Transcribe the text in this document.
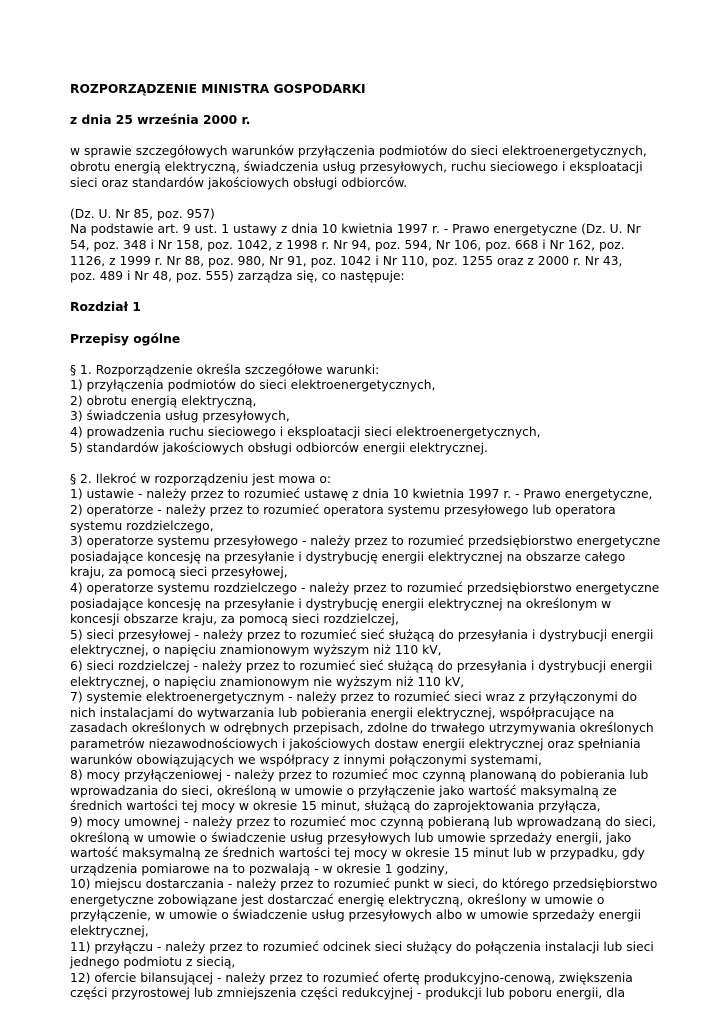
ROZPORZĄDZENIE MINISTRA GOSPODARKI
z dnia 25 września 2000 r.
w sprawie szczegółowych warunków przyłączenia podmiotów do sieci elektroenergetycznych,
obrotu energią elektryczną, świadczenia usług przesyłowych, ruchu sieciowego i eksploatacji
sieci oraz standardów jakościowych obsługi odbiorców.
(Dz. U. Nr 85, poz. 957)
Na podstawie art. 9 ust. 1 ustawy z dnia 10 kwietnia 1997 r. - Prawo energetyczne (Dz. U. Nr
54, poz. 348 i Nr 158, poz. 1042, z 1998 r. Nr 94, poz. 594, Nr 106, poz. 668 i Nr 162, poz.
1126, z 1999 r. Nr 88, poz. 980, Nr 91, poz. 1042 i Nr 110, poz. 1255 oraz z 2000 r. Nr 43,
poz. 489 i Nr 48, poz. 555) zarządza się, co następuje:
Rozdział 1
Przepisy ogólne
§ 1. Rozporządzenie określa szczegółowe warunki:
1) przyłączenia podmiotów do sieci elektroenergetycznych,
2) obrotu energią elektryczną,
3) świadczenia usług przesyłowych,
4) prowadzenia ruchu sieciowego i eksploatacji sieci elektroenergetycznych,
5) standardów jakościowych obsługi odbiorców energii elektrycznej.
§ 2. Ilekroć w rozporządzeniu jest mowa o:
1) ustawie - należy przez to rozumieć ustawę z dnia 10 kwietnia 1997 r. - Prawo energetyczne,
2) operatorze - należy przez to rozumieć operatora systemu przesyłowego lub operatora
systemu rozdzielczego,
3) operatorze systemu przesyłowego - należy przez to rozumieć przedsiębiorstwo energetyczne
posiadające koncesję na przesyłanie i dystrybucję energii elektrycznej na obszarze całego
kraju, za pomocą sieci przesyłowej,
4) operatorze systemu rozdzielczego - należy przez to rozumieć przedsiębiorstwo energetyczne
posiadające koncesję na przesyłanie i dystrybucję energii elektrycznej na określonym w
koncesji obszarze kraju, za pomocą sieci rozdzielczej,
5) sieci przesyłowej - należy przez to rozumieć sieć służącą do przesyłania i dystrybucji energii
elektrycznej, o napięciu znamionowym wyższym niż 110 kV,
6) sieci rozdzielczej - należy przez to rozumieć sieć służącą do przesyłania i dystrybucji energii
elektrycznej, o napięciu znamionowym nie wyższym niż 110 kV,
7) systemie elektroenergetycznym - należy przez to rozumieć sieci wraz z przyłączonymi do
nich instalacjami do wytwarzania lub pobierania energii elektrycznej, współpracujące na
zasadach określonych w odrębnych przepisach, zdolne do trwałego utrzymywania określonych
parametrów niezawodnościowych i jakościowych dostaw energii elektrycznej oraz spełniania
warunków obowiązujących we współpracy z innymi połączonymi systemami,
8) mocy przyłączeniowej - należy przez to rozumieć moc czynną planowaną do pobierania lub
wprowadzania do sieci, określoną w umowie o przyłączenie jako wartość maksymalną ze
średnich wartości tej mocy w okresie 15 minut, służącą do zaprojektowania przyłącza,
9) mocy umownej - należy przez to rozumieć moc czynną pobieraną lub wprowadzaną do sieci,
określoną w umowie o świadczenie usług przesyłowych lub umowie sprzedaży energii, jako
wartość maksymalną ze średnich wartości tej mocy w okresie 15 minut lub w przypadku, gdy
urządzenia pomiarowe na to pozwalają - w okresie 1 godziny,
10) miejscu dostarczania - należy przez to rozumieć punkt w sieci, do którego przedsiębiorstwo
energetyczne zobowiązane jest dostarczać energię elektryczną, określony w umowie o
przyłączenie, w umowie o świadczenie usług przesyłowych albo w umowie sprzedaży energii
elektrycznej,
11) przyłączu - należy przez to rozumieć odcinek sieci służący do połączenia instalacji lub sieci
jednego podmiotu z siecią,
12) ofercie bilansującej - należy przez to rozumieć ofertę produkcyjno-cenową, zwiększenia
części przyrostowej lub zmniejszenia części redukcyjnej - produkcji lub poboru energii, dla
